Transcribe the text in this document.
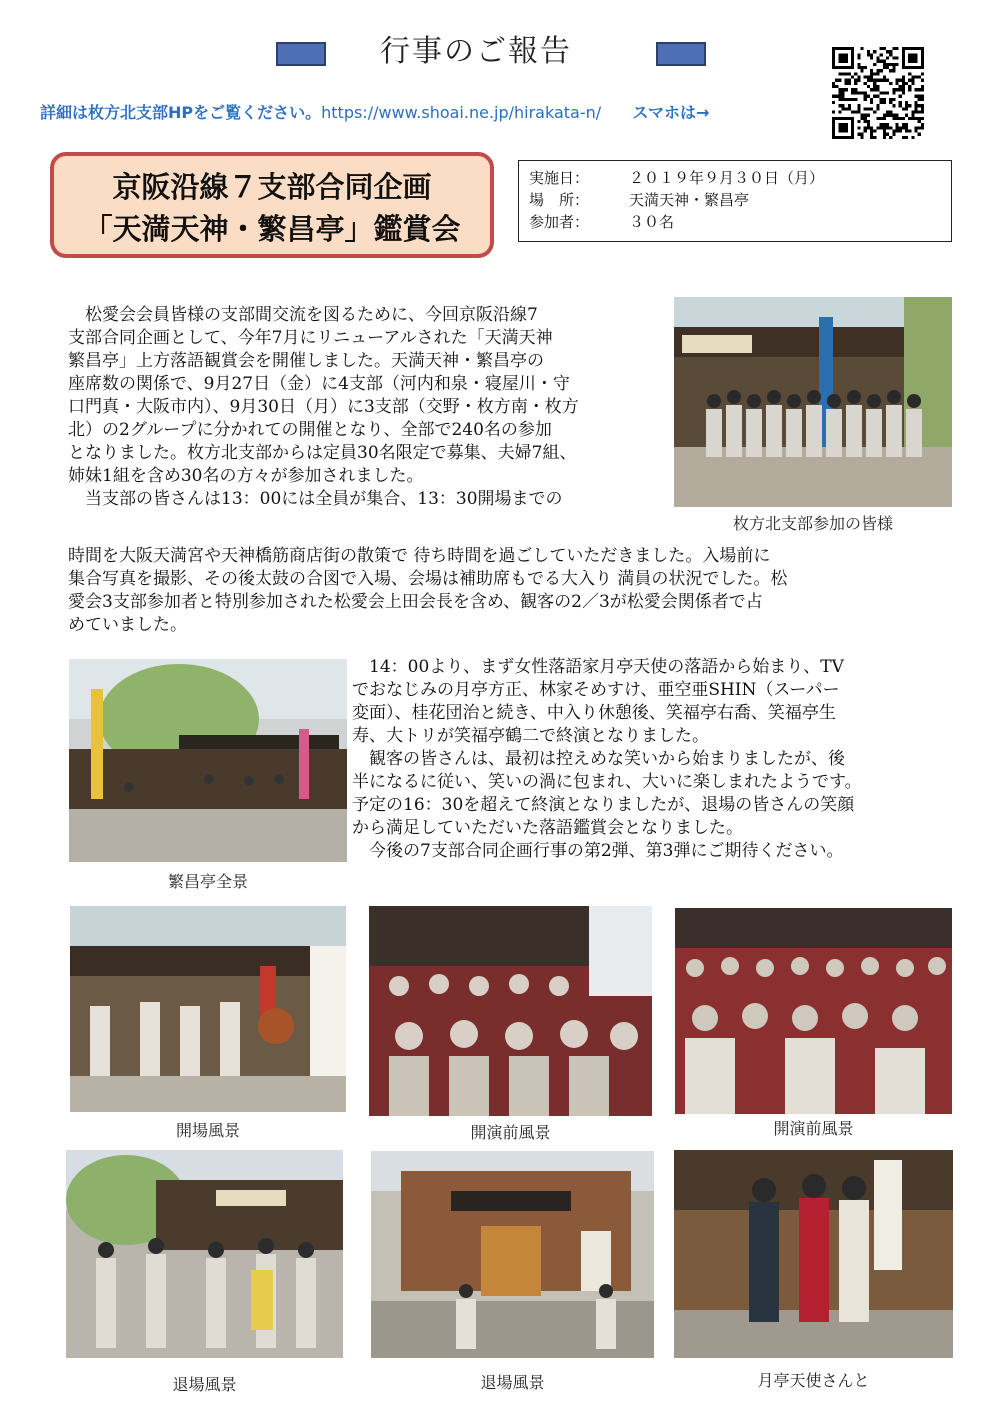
行事のご報告
詳細は枚方北支部HPをご覧ください。https://www.shoai.ne.jp/hirakata-n/ スマホは→
京阪沿線７支部合同企画
「天満天神・繁昌亭」鑑賞会
実施日：	２０１９年９月３０日（月）
場　所：	天満天神・繁昌亭
参加者：	３０名
　松愛会会員皆様の支部間交流を図るために、今回京阪沿線7
支部合同企画として、今年7月にリニューアルされた「天満天神
繁昌亭」上方落語観賞会を開催しました。天満天神・繁昌亭の
座席数の関係で、9月27日（金）に4支部（河内和泉・寝屋川・守
口門真・大阪市内）、9月30日（月）に3支部（交野・枚方南・枚方
北）の2グループに分かれての開催となり、全部で240名の参加
となりました。枚方北支部からは定員30名限定で募集、夫婦7組、
姉妹1組を含め30名の方々が参加されました。
　当支部の皆さんは13：00には全員が集合、13：30開場までの
枚方北支部参加の皆様
時間を大阪天満宮や天神橋筋商店街の散策で 待ち時間を過ごしていただきました。入場前に
集合写真を撮影、その後太鼓の合図で入場、会場は補助席もでる大入り 満員の状況でした。松
愛会3支部参加者と特別参加された松愛会上田会長を含め、観客の2／3が松愛会関係者で占
めていました。
繁昌亭全景
　14：00より、まず女性落語家月亭天使の落語から始まり、TV
でおなじみの月亭方正、林家そめすけ、亜空亜SHIN（スーパー
変面）、桂花団治と続き、中入り休憩後、笑福亭右喬、笑福亭生
寿、大トリが笑福亭鶴二で終演となりました。
　観客の皆さんは、最初は控えめな笑いから始まりましたが、後
半になるに従い、笑いの渦に包まれ、大いに楽しまれたようです。
予定の16：30を超えて終演となりましたが、退場の皆さんの笑顔
から満足していただいた落語鑑賞会となりました。
　今後の7支部合同企画行事の第2弾、第3弾にご期待ください。
開場風景	開演前風景	開演前風景
退場風景	退場風景	月亭天使さんと
